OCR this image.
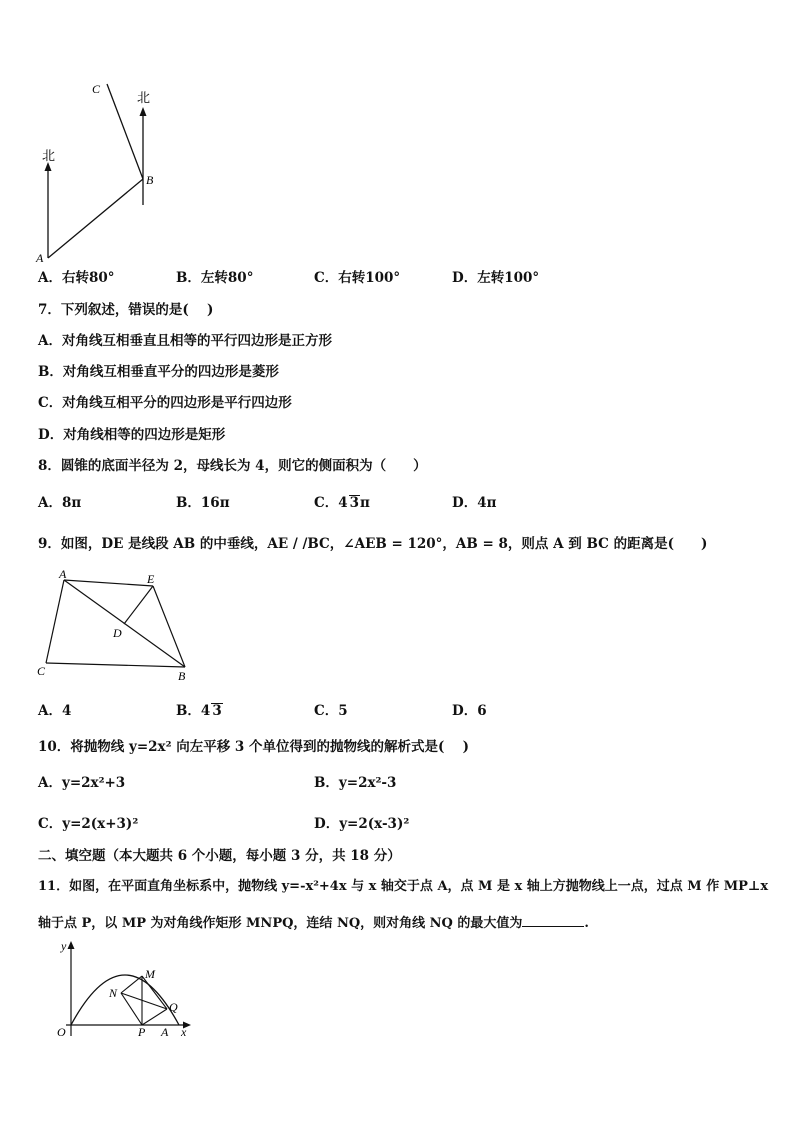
北
北
A
B
C
A．右转80°	B．左转80°	C．右转100°	D．左转100°
7．下列叙述，错误的是(　 )
A．对角线互相垂直且相等的平行四边形是正方形
B．对角线互相垂直平分的四边形是菱形
C．对角线互相平分的四边形是平行四边形
D．对角线相等的四边形是矩形
8．圆锥的底面半径为 2，母线长为 4，则它的侧面积为（　　）
A．8π	B．16π	C．4 3π	D．4π
9．如图，DE 是线段 AB 的中垂线，AE / /BC，∠AEB = 120°，AB = 8，则点 A 到 BC 的距离是(　　)
A	E
D
C	B
A．4	B．4 3	C．5	D．6
10．将抛物线 y=2x² 向左平移 3 个单位得到的抛物线的解析式是(　 )
A．y=2x²+3	B．y=2x²-3
C．y=2(x+3)²	D．y=2(x-3)²
二、填空题（本大题共 6 个小题，每小题 3 分，共 18 分）
11．如图，在平面直角坐标系中，抛物线 y=-x²+4x 与 x 轴交于点 A，点 M 是 x 轴上方抛物线上一点，过点 M 作 MP⊥x
轴于点 P，以 MP 为对角线作矩形 MNPQ，连结 NQ，则对角线 NQ 的最大值为	.
y
x
O
M
N
Q
P A
